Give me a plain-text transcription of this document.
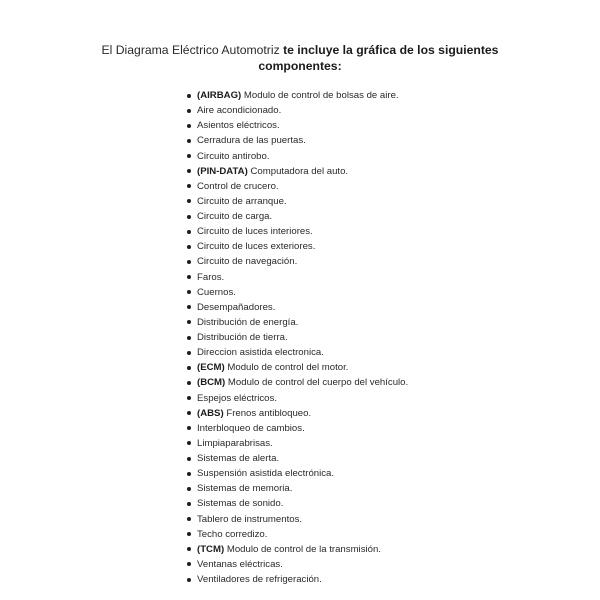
El Diagrama Eléctrico Automotriz te incluye la gráfica de los siguientes componentes:
(AIRBAG) Modulo de control de bolsas de aire.
Aire acondicionado.
Asientos eléctricos.
Cerradura de las puertas.
Circuito antirobo.
(PIN-DATA) Computadora del auto.
Control de crucero.
Circuito de arranque.
Circuito de carga.
Circuito de luces interiores.
Circuito de luces exteriores.
Circuito de navegación.
Faros.
Cuernos.
Desempañadores.
Distribución de energía.
Distribución de tierra.
Direccion asistida electronica.
(ECM) Modulo de control del motor.
(BCM) Modulo de control del cuerpo del vehículo.
Espejos eléctricos.
(ABS) Frenos antibloqueo.
Interbloqueo de cambios.
Limpiaparabrisas.
Sistemas de alerta.
Suspensión asistida electrónica.
Sistemas de memoria.
Sistemas de sonido.
Tablero de instrumentos.
Techo corredizo.
(TCM) Modulo de control de la transmisión.
Ventanas eléctricas.
Ventiladores de refrigeración.
